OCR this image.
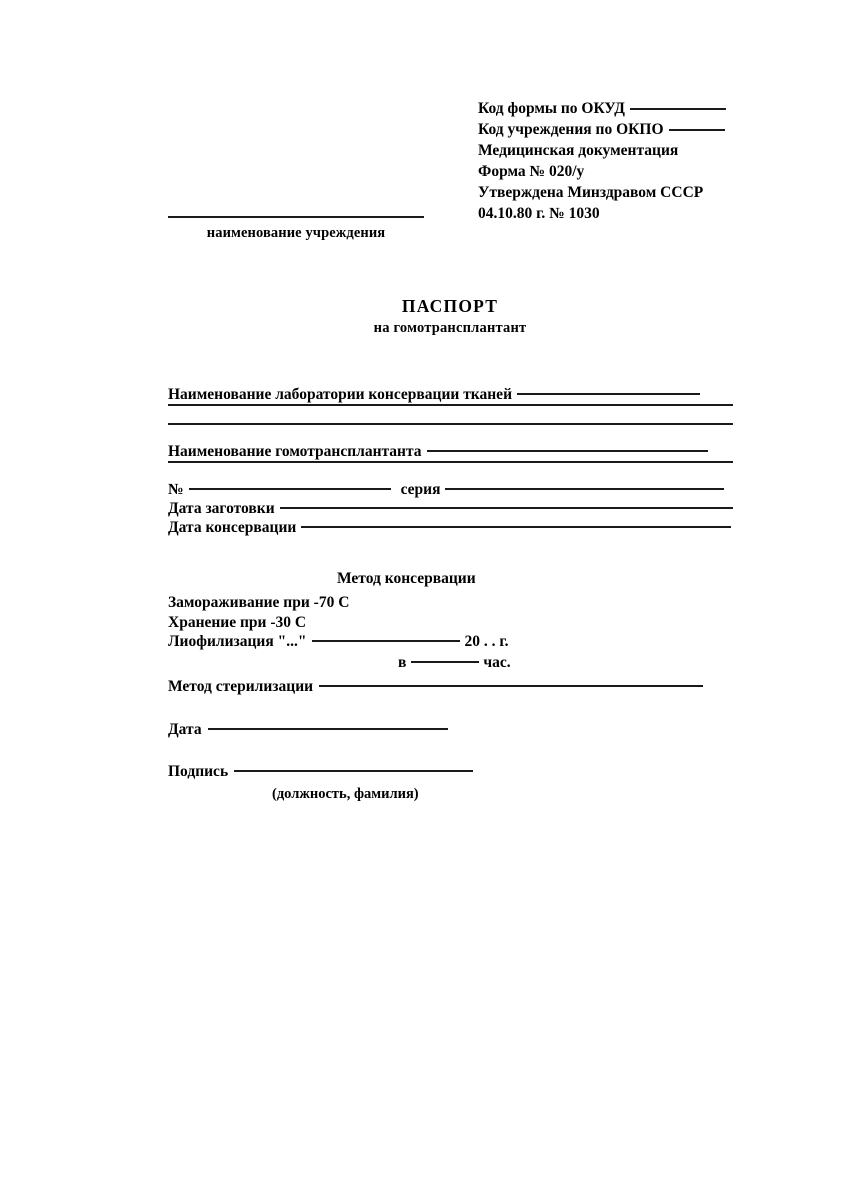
Код формы по ОКУД
Код учреждения по ОКПО
Медицинская документация
Форма № 020/у
Утверждена Минздравом СССР
04.10.80 г. № 1030
наименование учреждения
ПАСПОРТ
на гомотрансплантант
Наименование лаборатории консервации тканей
Наименование гомотрансплантанта
№	серия
Дата заготовки
Дата консервации
Метод консервации
Замораживание при -70 С
Хранение при -30 С
Лиофилизация "..."	20 . . г.
в	час.
Метод стерилизации
Дата
Подпись
(должность, фамилия)
